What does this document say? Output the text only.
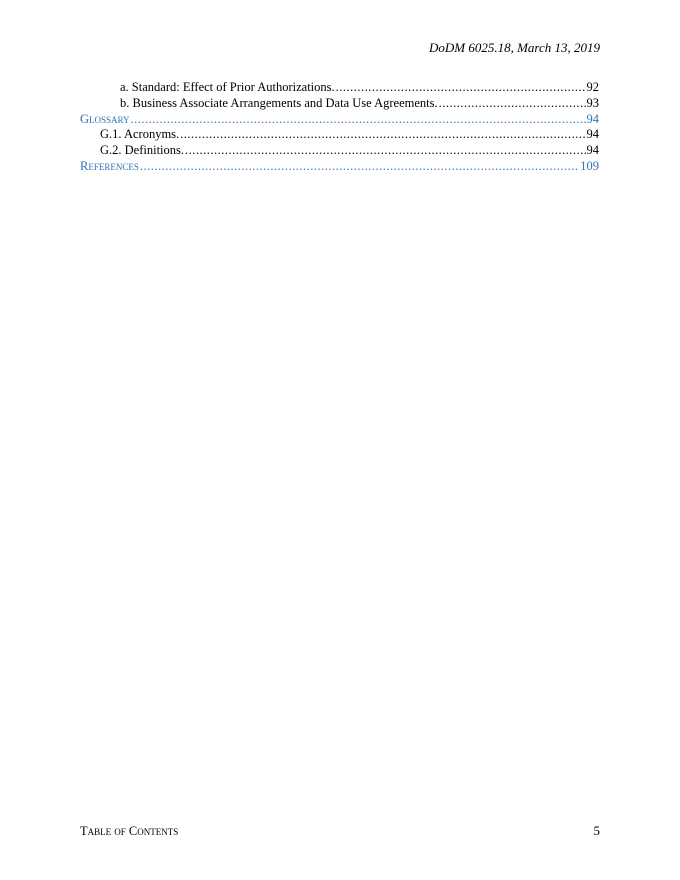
DoDM 6025.18, March 13, 2019
a. Standard: Effect of Prior Authorizations. .....	92
b. Business Associate Arrangements and Data Use Agreements. .....	93
Glossary .....	94
G.1. Acronyms. .....	94
G.2. Definitions. .....	94
References .....	109
Table of Contents	5
